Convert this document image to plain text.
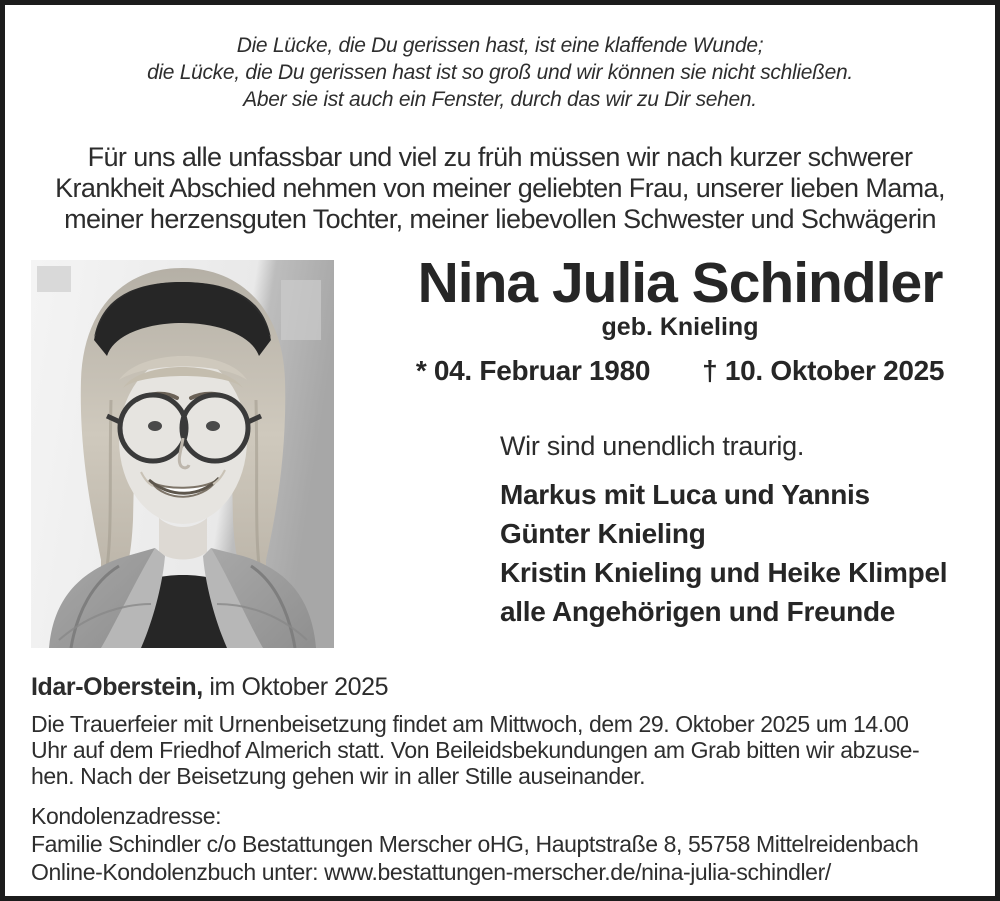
Die Lücke, die Du gerissen hast, ist eine klaffende Wunde;
die Lücke, die Du gerissen hast ist so groß und wir können sie nicht schließen.
Aber sie ist auch ein Fenster, durch das wir zu Dir sehen.
Für uns alle unfassbar und viel zu früh müssen wir nach kurzer schwerer
Krankheit Abschied nehmen von meiner geliebten Frau, unserer lieben Mama,
meiner herzensguten Tochter, meiner liebevollen Schwester und Schwägerin
Nina Julia Schindler
geb. Knieling
* 04. Februar 1980 † 10. Oktober 2025
Wir sind unendlich traurig.
Markus mit Luca und Yannis
Günter Knieling
Kristin Knieling und Heike Klimpel
alle Angehörigen und Freunde
Idar-Oberstein, im Oktober 2025
Die Trauerfeier mit Urnenbeisetzung findet am Mittwoch, dem 29. Oktober 2025 um 14.00
Uhr auf dem Friedhof Almerich statt. Von Beileidsbekundungen am Grab bitten wir abzuse-
hen. Nach der Beisetzung gehen wir in aller Stille auseinander.
Kondolenzadresse:
Familie Schindler c/o Bestattungen Merscher oHG, Hauptstraße 8, 55758 Mittelreidenbach
Online-Kondolenzbuch unter: www.bestattungen-merscher.de/nina-julia-schindler/
